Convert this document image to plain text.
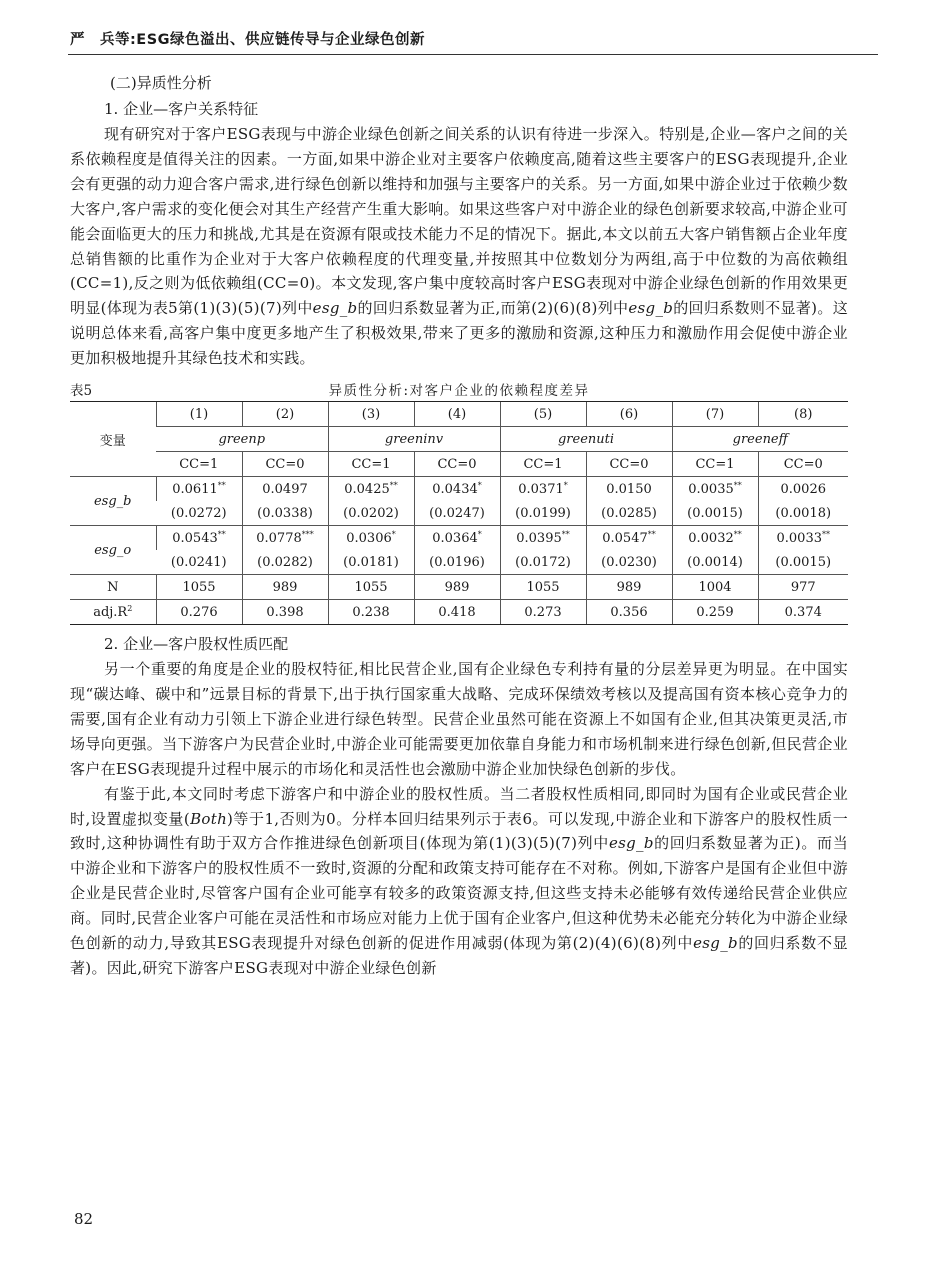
严　兵等:ESG绿色溢出、供应链传导与企业绿色创新
(二)异质性分析
1. 企业—客户关系特征

现有研究对于客户ESG表现与中游企业绿色创新之间关系的认识有待进一步深入。特别是,企业—客户之间的关系依赖程度是值得关注的因素。一方面,如果中游企业对主要客户依赖度高,随着这些主要客户的ESG表现提升,企业会有更强的动力迎合客户需求,进行绿色创新以维持和加强与主要客户的关系。另一方面,如果中游企业过于依赖少数大客户,客户需求的变化便会对其生产经营产生重大影响。如果这些客户对中游企业的绿色创新要求较高,中游企业可能会面临更大的压力和挑战,尤其是在资源有限或技术能力不足的情况下。据此,本文以前五大客户销售额占企业年度总销售额的比重作为企业对于大客户依赖程度的代理变量,并按照其中位数划分为两组,高于中位数的为高依赖组(CC=1),反之则为低依赖组(CC=0)。本文发现,客户集中度较高时客户ESG表现对中游企业绿色创新的作用效果更明显(体现为表5第(1)(3)(5)(7)列中esg_b的回归系数显著为正,而第(2)(6)(8)列中esg_b的回归系数则不显著)。这说明总体来看,高客户集中度更多地产生了积极效果,带来了更多的激励和资源,这种压力和激励作用会促使中游企业更加积极地提升其绿色技术和实践。

表5	异质性分析:对客户企业的依赖程度差异
变量	(1)	(2)	(3)	(4)	(5)	(6)	(7)	(8)
	greenp		greeninv		greenuti		greeneff	
	CC=1	CC=0	CC=1	CC=0	CC=1	CC=0	CC=1	CC=0
esg_b	0.0611**	0.0497	0.0425**	0.0434*	0.0371*	0.0150	0.0035**	0.0026
	(0.0272)	(0.0338)	(0.0202)	(0.0247)	(0.0199)	(0.0285)	(0.0015)	(0.0018)
esg_o	0.0543**	0.0778***	0.0306*	0.0364*	0.0395**	0.0547**	0.0032**	0.0033**
	(0.0241)	(0.0282)	(0.0181)	(0.0196)	(0.0172)	(0.0230)	(0.0014)	(0.0015)
N	1055	989	1055	989	1055	989	1004	977
$adj.R^2$	0.276	0.398	0.238	0.418	0.273	0.356	0.259	0.374
2. 企业—客户股权性质匹配

另一个重要的角度是企业的股权特征,相比民营企业,国有企业绿色专利持有量的分层差异更为明显。在中国实现“碳达峰、碳中和”远景目标的背景下,出于执行国家重大战略、完成环保绩效考核以及提高国有资本核心竞争力的需要,国有企业有动力引领上下游企业进行绿色转型。民营企业虽然可能在资源上不如国有企业,但其决策更灵活,市场导向更强。当下游客户为民营企业时,中游企业可能需要更加依靠自身能力和市场机制来进行绿色创新,但民营企业客户在ESG表现提升过程中展示的市场化和灵活性也会激励中游企业加快绿色创新的步伐。

有鉴于此,本文同时考虑下游客户和中游企业的股权性质。当二者股权性质相同,即同时为国有企业或民营企业时,设置虚拟变量(Both)等于1,否则为0。分样本回归结果列示于表6。可以发现,中游企业和下游客户的股权性质一致时,这种协调性有助于双方合作推进绿色创新项目(体现为第(1)(3)(5)(7)列中esg_b的回归系数显著为正)。而当中游企业和下游客户的股权性质不一致时,资源的分配和政策支持可能存在不对称。例如,下游客户是国有企业但中游企业是民营企业时,尽管客户国有企业可能享有较多的政策资源支持,但这些支持未必能够有效传递给民营企业供应商。同时,民营企业客户可能在灵活性和市场应对能力上优于国有企业客户,但这种优势未必能充分转化为中游企业绿色创新的动力,导致其ESG表现提升对绿色创新的促进作用减弱(体现为第(2)(4)(6)(8)列中esg_b的回归系数不显著)。因此,研究下游客户ESG表现对中游企业绿色创新

82
